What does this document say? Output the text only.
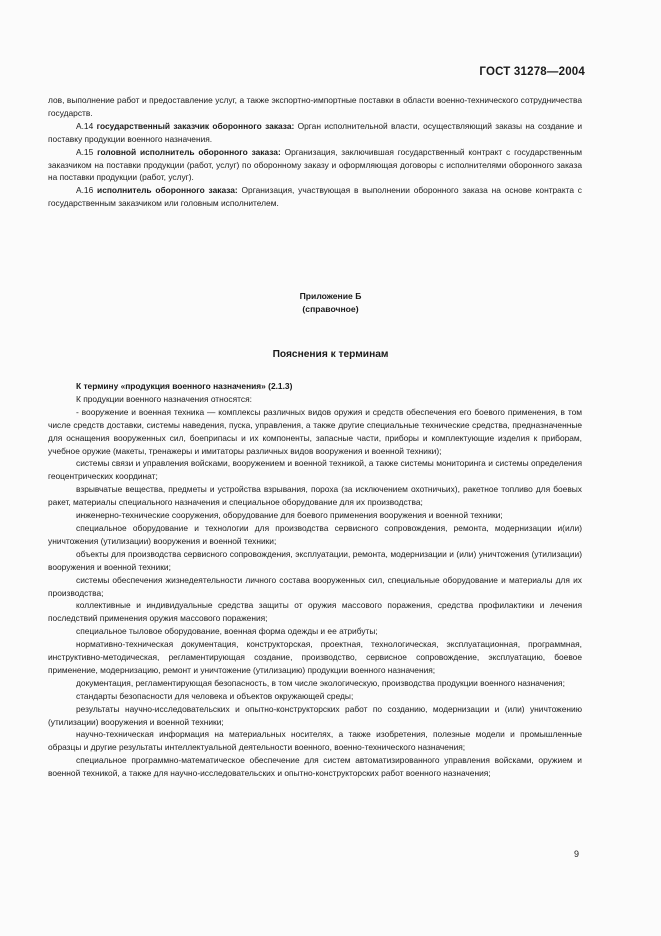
ГОСТ 31278—2004

лов, выполнение работ и предоставление услуг, а также экспортно-импортные поставки в области военно-технического сотрудничества государств.

А.14 государственный заказчик оборонного заказа: Орган исполнительной власти, осуществляющий заказы на создание и поставку продукции военного назначения.

А.15 головной исполнитель оборонного заказа: Организация, заключившая государственный контракт с государственным заказчиком на поставки продукции (работ, услуг) по оборонному заказу и оформляющая договоры с исполнителями оборонного заказа на поставки продукции (работ, услуг).

А.16 исполнитель оборонного заказа: Организация, участвующая в выполнении оборонного заказа на основе контракта с государственным заказчиком или головным исполнителем.

Приложение Б
(справочное)
Пояснения к терминам

К термину «продукция военного назначения» (2.1.3)

К продукции военного назначения относятся:

- вооружение и военная техника — комплексы различных видов оружия и средств обеспечения его боевого применения, в том числе средств доставки, системы наведения, пуска, управления, а также другие специальные технические средства, предназначенные для оснащения вооруженных сил, боеприпасы и их компоненты, запасные части, приборы и комплектующие изделия к приборам, учебное оружие (макеты, тренажеры и имитаторы различных видов вооружения и военной техники);

системы связи и управления войсками, вооружением и военной техникой, а также системы мониторинга и системы определения геоцентрических координат;

взрывчатые вещества, предметы и устройства взрывания, пороха (за исключением охотничьих), ракетное топливо для боевых ракет, материалы специального назначения и специальное оборудование для их производства;

инженерно-технические сооружения, оборудование для боевого применения вооружения и военной техники;

специальное оборудование и технологии для производства сервисного сопровождения, ремонта, модернизации и(или) уничтожения (утилизации) вооружения и военной техники;

объекты для производства сервисного сопровождения, эксплуатации, ремонта, модернизации и (или) уничтожения (утилизации) вооружения и военной техники;

системы обеспечения жизнедеятельности личного состава вооруженных сил, специальные оборудование и материалы для их производства;

коллективные и индивидуальные средства защиты от оружия массового поражения, средства профилактики и лечения последствий применения оружия массового поражения;

специальное тыловое оборудование, военная форма одежды и ее атрибуты;

нормативно-техническая документация, конструкторская, проектная, технологическая, эксплуатационная, программная, инструктивно-методическая, регламентирующая создание, производство, сервисное сопровождение, эксплуатацию, боевое применение, модернизацию, ремонт и уничтожение (утилизацию) продукции военного назначения;

документация, регламентирующая безопасность, в том числе экологическую, производства продукции военного назначения;

стандарты безопасности для человека и объектов окружающей среды;

результаты научно-исследовательских и опытно-конструкторских работ по созданию, модернизации и (или) уничтожению (утилизации) вооружения и военной техники;

научно-техническая информация на материальных носителях, а также изобретения, полезные модели и промышленные образцы и другие результаты интеллектуальной деятельности военного, военно-технического назначения;

специальное программно-математическое обеспечение для систем автоматизированного управления войсками, оружием и военной техникой, а также для научно-исследовательских и опытно-конструкторских работ военного назначения;

9
